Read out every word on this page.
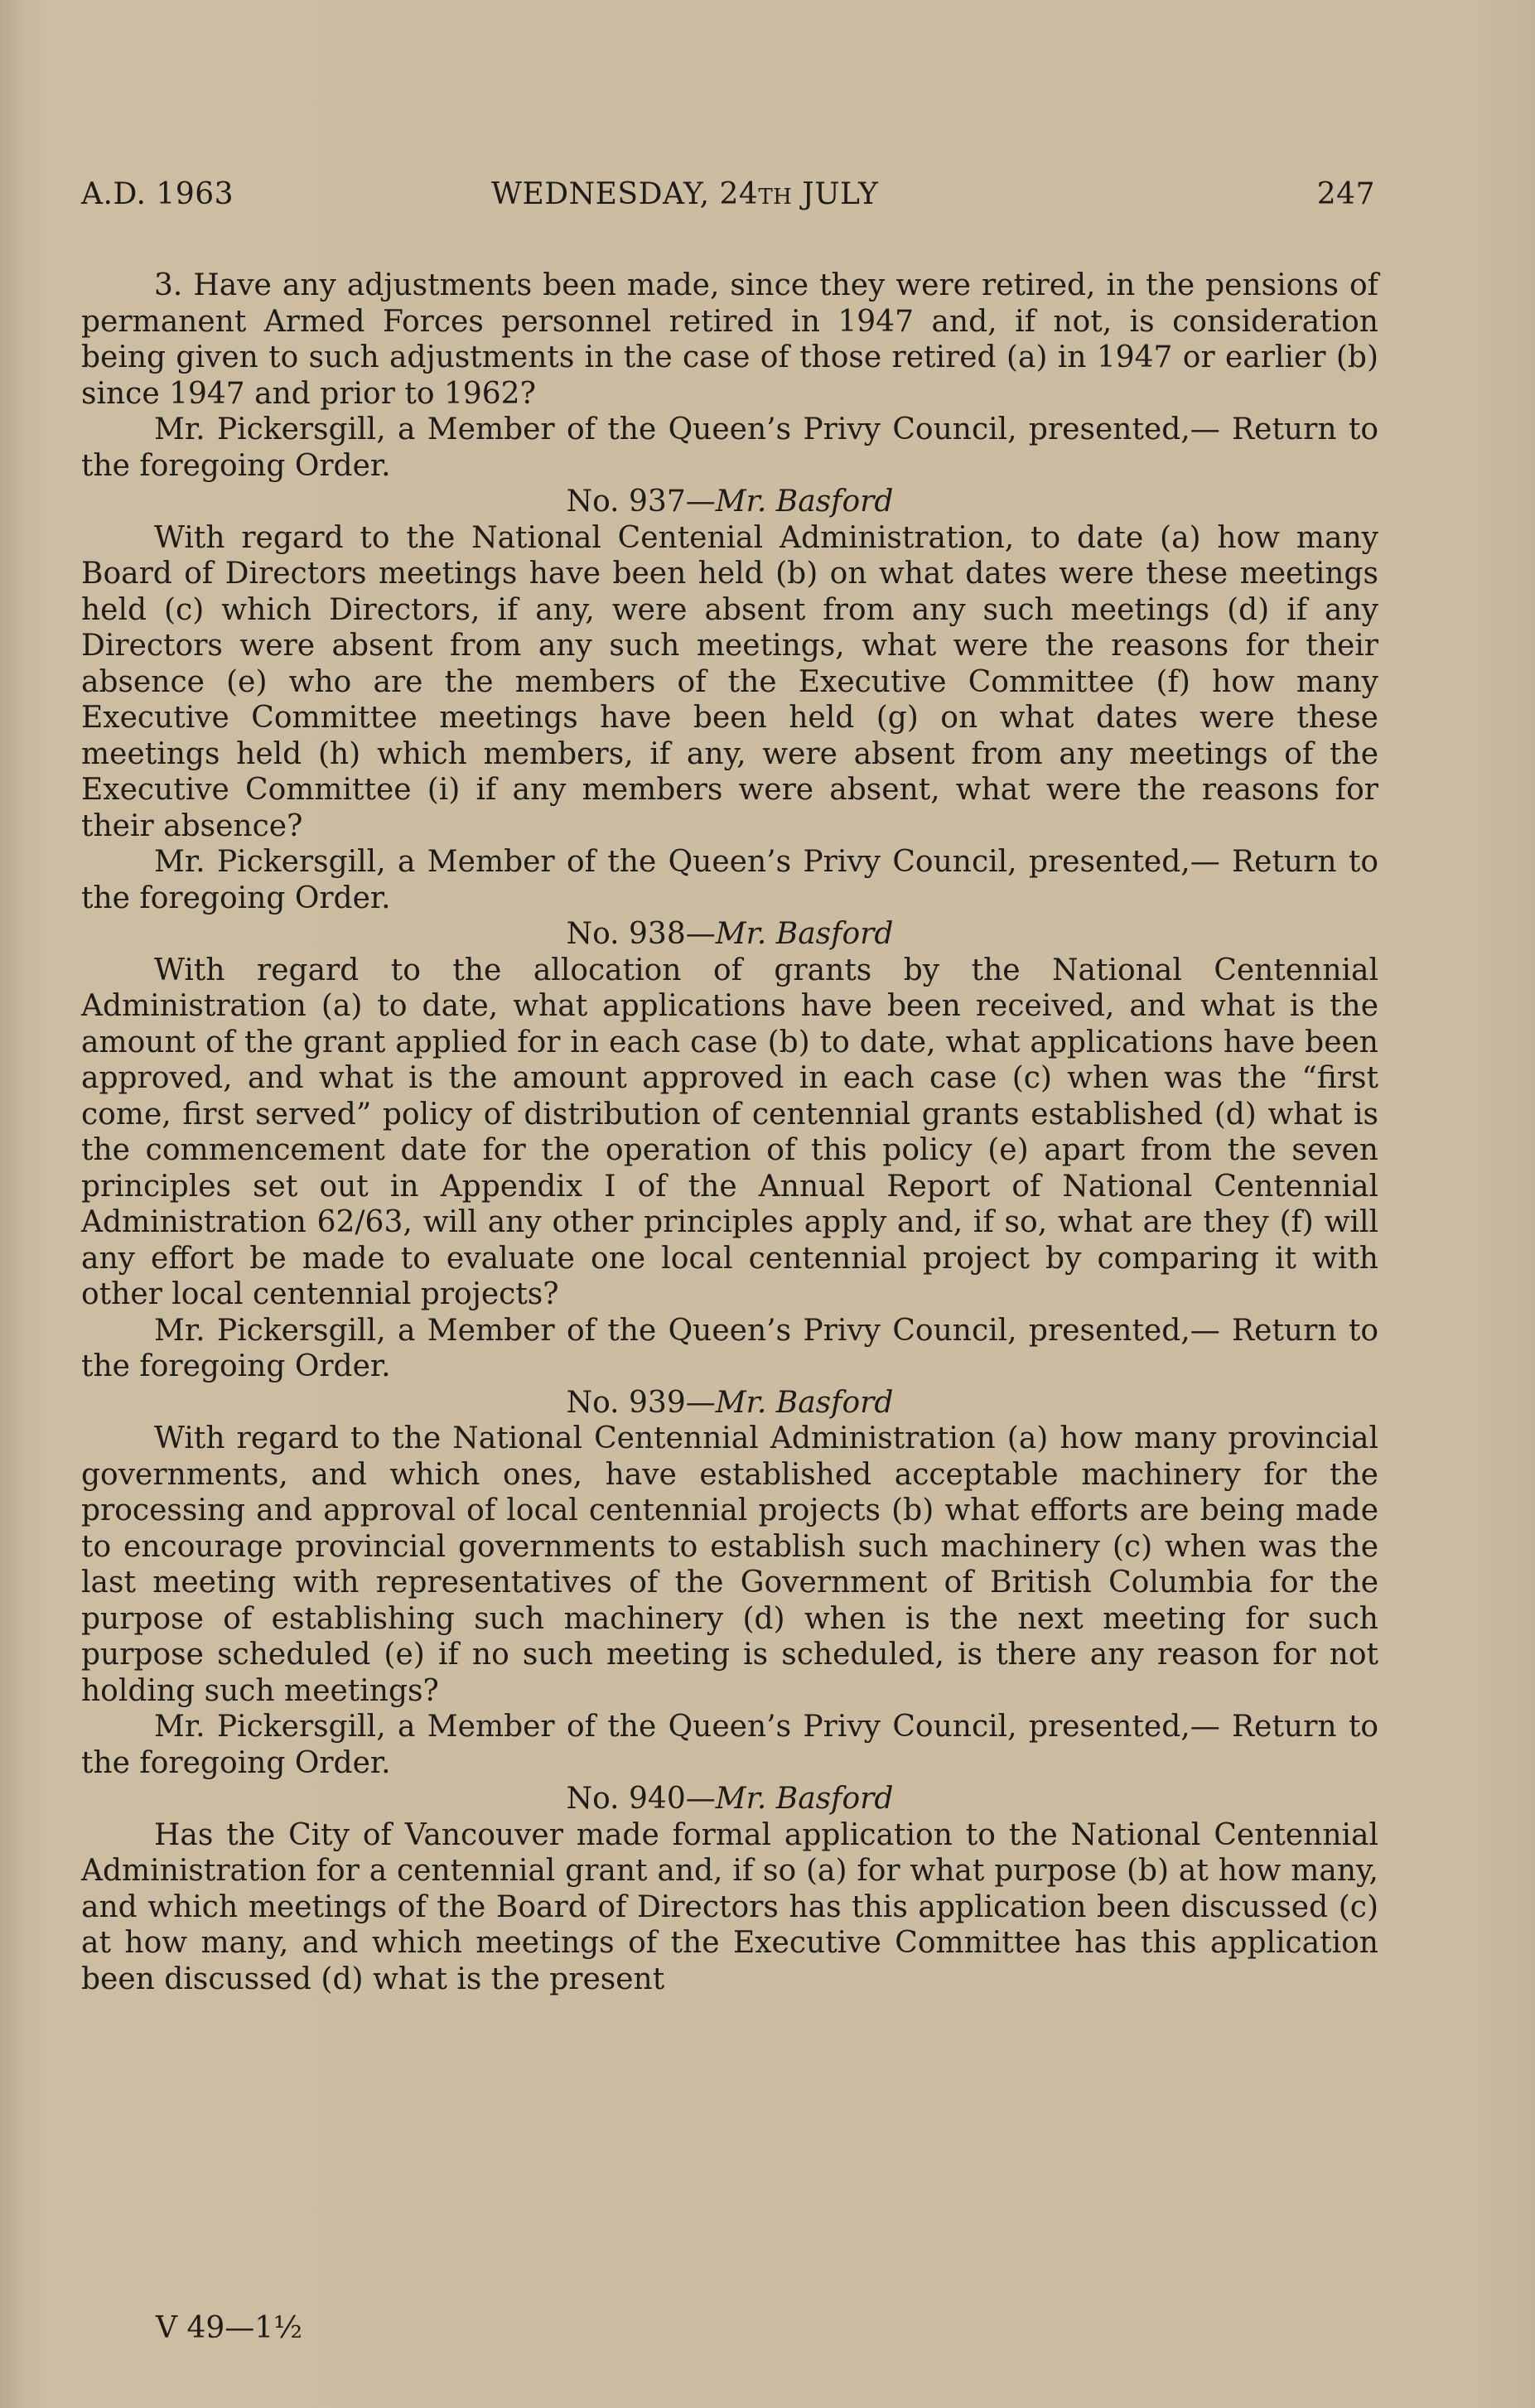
A.D. 1963	WEDNESDAY, 24TH JULY	247

3. Have any adjustments been made, since they were retired, in the pensions of permanent Armed Forces personnel retired in 1947 and, if not, is consideration being given to such adjustments in the case of those retired (a) in 1947 or earlier (b) since 1947 and prior to 1962?

Mr. Pickersgill, a Member of the Queen’s Privy Council, presented,— Return to the foregoing Order.

No. 937—Mr. Basford

With regard to the National Centenial Administration, to date (a) how many Board of Directors meetings have been held (b) on what dates were these meetings held (c) which Directors, if any, were absent from any such meetings (d) if any Directors were absent from any such meetings, what were the reasons for their absence (e) who are the members of the Executive Committee (f) how many Executive Committee meetings have been held (g) on what dates were these meetings held (h) which members, if any, were absent from any meetings of the Executive Committee (i) if any members were absent, what were the reasons for their absence?

Mr. Pickersgill, a Member of the Queen’s Privy Council, presented,— Return to the foregoing Order.

No. 938—Mr. Basford

With regard to the allocation of grants by the National Centennial Administration (a) to date, what applications have been received, and what is the amount of the grant applied for in each case (b) to date, what applications have been approved, and what is the amount approved in each case (c) when was the “first come, first served” policy of distribution of centennial grants established (d) what is the commencement date for the operation of this policy (e) apart from the seven principles set out in Appendix I of the Annual Report of National Centennial Administration 62/63, will any other principles apply and, if so, what are they (f) will any effort be made to evaluate one local centennial project by comparing it with other local centennial projects?

Mr. Pickersgill, a Member of the Queen’s Privy Council, presented,— Return to the foregoing Order.

No. 939—Mr. Basford

With regard to the National Centennial Administration (a) how many provincial governments, and which ones, have established acceptable machinery for the processing and approval of local centennial projects (b) what efforts are being made to encourage provincial governments to establish such machinery (c) when was the last meeting with representatives of the Government of British Columbia for the purpose of establishing such machinery (d) when is the next meeting for such purpose scheduled (e) if no such meeting is scheduled, is there any reason for not holding such meetings?

Mr. Pickersgill, a Member of the Queen’s Privy Council, presented,— Return to the foregoing Order.

No. 940—Mr. Basford

Has the City of Vancouver made formal application to the National Centennial Administration for a centennial grant and, if so (a) for what purpose (b) at how many, and which meetings of the Board of Directors has this application been discussed (c) at how many, and which meetings of the Executive Committee has this application been discussed (d) what is the present

V 49—1½
